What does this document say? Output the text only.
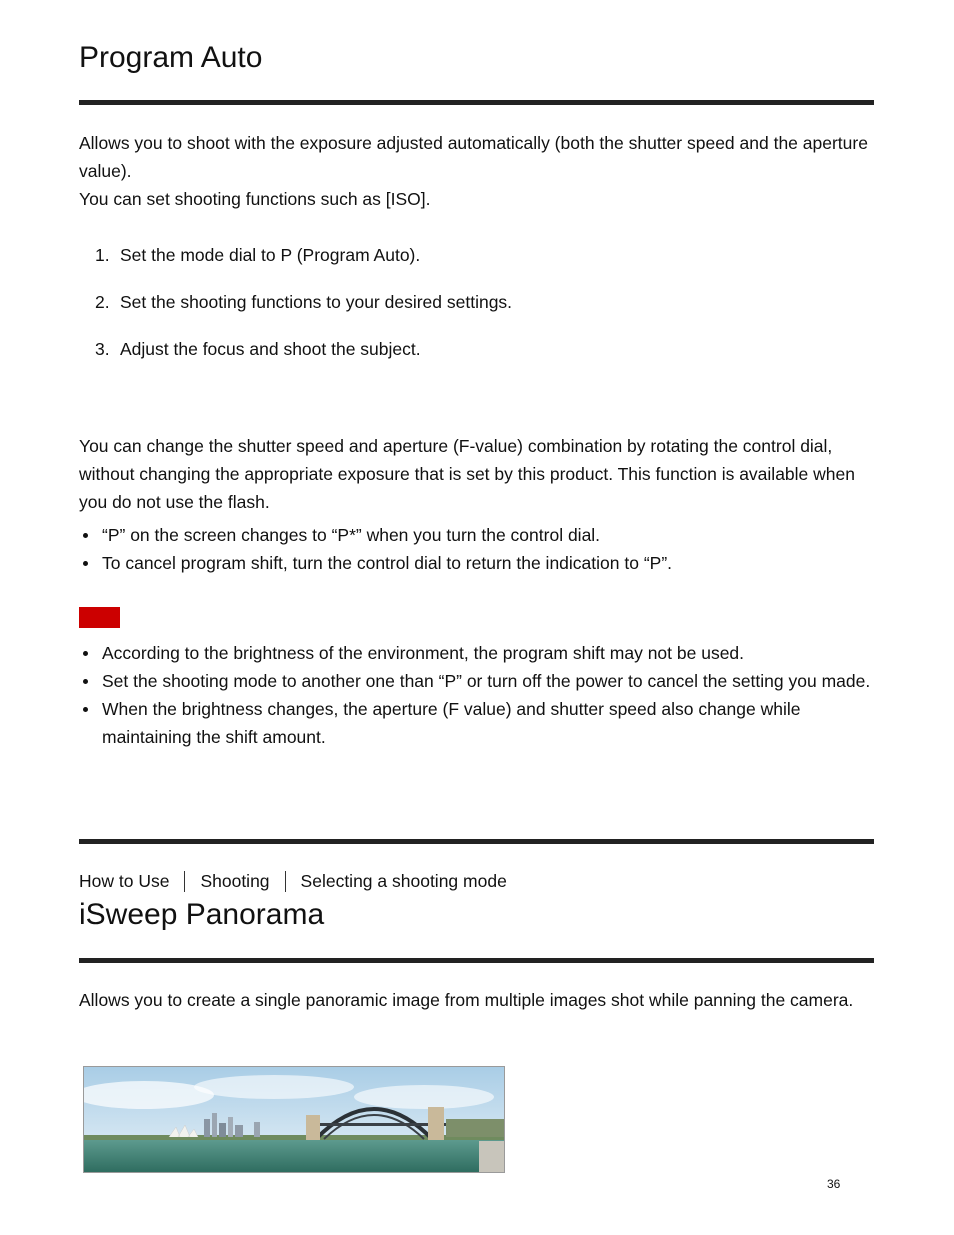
Program Auto

Allows you to shoot with the exposure adjusted automatically (both the shutter speed and the aperture value).

You can set shooting functions such as [ISO].

1. Set the mode dial to P (Program Auto).

2. Set the shooting functions to your desired settings.

3. Adjust the focus and shoot the subject.

You can change the shutter speed and aperture (F-value) combination by rotating the control dial, without changing the appropriate exposure that is set by this product. This function is available when you do not use the flash.

“P” on the screen changes to “P*” when you turn the control dial.
To cancel program shift, turn the control dial to return the indication to “P”.
According to the brightness of the environment, the program shift may not be used.
Set the shooting mode to another one than “P” or turn off the power to cancel the setting you made.
When the brightness changes, the aperture (F value) and shutter speed also change while maintaining the shift amount.
How to Use Shooting Selecting a shooting mode
iSweep Panorama

Allows you to create a single panoramic image from multiple images shot while panning the camera.

36
